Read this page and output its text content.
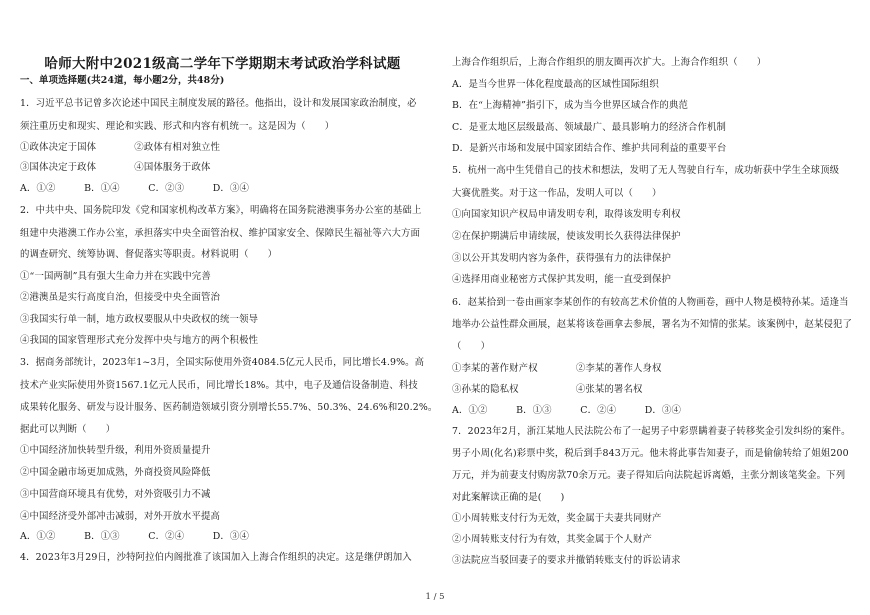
哈师大附中2021级高二学年下学期期末考试政治学科试题
一、单项选择题(共24道，每小题2分，共48分)
1．习近平总书记曾多次论述中国民主制度发展的路径。他指出，设计和发展国家政治制度，必
须注重历史和现实、理论和实践、形式和内容有机统一。这是因为（　　）
①政体决定于国体　　　　②政体有相对独立性
③国体决定于政体　　　　④国体服务于政体
A．①②　　　B．①④　　　C．②③　　　D．③④
2．中共中央、国务院印发《党和国家机构改革方案》，明确将在国务院港澳事务办公室的基础上
组建中央港澳工作办公室，承担落实中央全面管治权、维护国家安全、保障民生福祉等六大方面
的调查研究、统筹协调、督促落实等职责。材料说明（　　）
①“一国两制”具有强大生命力并在实践中完善
②港澳虽是实行高度自治，但接受中央全面管治
③我国实行单一制，地方政权要服从中央政权的统一领导
④我国的国家管理形式充分发挥中央与地方的两个积极性
3．据商务部统计，2023年1~3月，全国实际使用外资4084.5亿元人民币，同比增长4.9%。高
技术产业实际使用外资1567.1亿元人民币，同比增长18%。其中，电子及通信设备制造、科技
成果转化服务、研发与设计服务、医药制造领域引资分别增长55.7%、50.3%、24.6%和20.2%。
据此可以判断（　　）
①中国经济加快转型升级，利用外资质量提升
②中国金融市场更加成熟，外商投资风险降低
③中国营商环境具有优势，对外资吸引力不减
④中国经济受外部冲击减弱，对外开放水平提高
A．①②　　　B．①③　　　C．②④　　　D．③④
4．2023年3月29日，沙特阿拉伯内阁批准了该国加入上海合作组织的决定。这是继伊朗加入
上海合作组织后，上海合作组织的朋友圈再次扩大。上海合作组织（　　）
A．是当今世界一体化程度最高的区域性国际组织
B．在“上海精神”指引下，成为当今世界区域合作的典范
C．是亚太地区层级最高、领域最广、最具影响力的经济合作机制
D．是新兴市场和发展中国家团结合作、维护共同利益的重要平台
5．杭州一高中生凭借自己的技术和想法，发明了无人驾驶自行车，成功斩获中学生全球顶级
大赛优胜奖。对于这一作品，发明人可以（　　）
①向国家知识产权局申请发明专利，取得该发明专利权
②在保护期满后申请续展，使该发明长久获得法律保护
③以公开其发明内容为条件，获得强有力的法律保护
④选择用商业秘密方式保护其发明，能一直受到保护
6．赵某拾到一卷由画家李某创作的有较高艺术价值的人物画卷，画中人物是模特孙某。适逢当
地举办公益性群众画展，赵某将该卷画拿去参展，署名为不知情的张某。该案例中，赵某侵犯了
（　　）
①李某的著作财产权　　　　②李某的著作人身权
③孙某的隐私权　　　　　　④张某的署名权
A．①②　　　B．①③　　　C．②④　　　D．③④
7．2023年2月，浙江某地人民法院公布了一起男子中彩票瞒着妻子转移奖金引发纠纷的案件。
男子小周(化名)彩票中奖，税后到手843万元。他未将此事告知妻子，而是偷偷转给了姐姐200
万元，并为前妻支付购房款70余万元。妻子得知后向法院起诉离婚，主张分割该笔奖金。下列
对此案解读正确的是(　　)
①小周转账支付行为无效，奖金属于夫妻共同财产
②小周转账支付行为有效，其奖金属于个人财产
③法院应当驳回妻子的要求并撤销转账支付的诉讼请求
1 / 5
